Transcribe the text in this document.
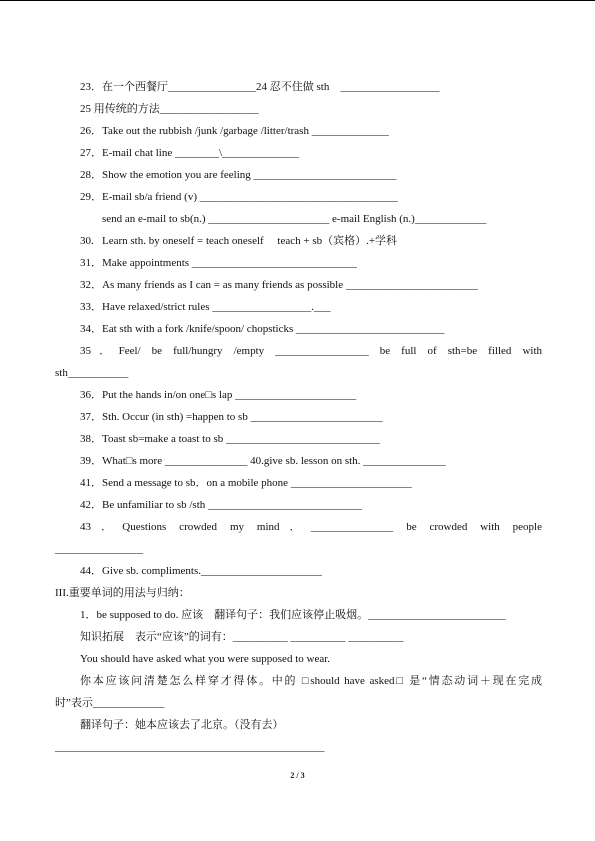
23．在一个西餐厅________________24 忍不住做 sth    __________________
25 用传统的方法__________________
26．Take out the rubbish /junk /garbage /litter/trash ______________
27．E-mail chat line ________\______________
28．Show the emotion you are feeling __________________________
29．E-mail sb/a friend (v) ____________________________________
send an e-mail to sb(n.) ______________________ e-mail English (n.)_____________
30.   Learn sth. by oneself = teach oneself     teach + sb（宾格）.+学科
31．Make appointments ______________________________
32．As many friends as I can = as many friends as possible ________________________
33．Have relaxed/strict rules __________________.___
34．Eat sth with a fork /knife/spoon/ chopsticks ___________________________
35．Feel/ be full/hungry /empty _________________ be full of sth=be filled with
sth___________
36．Put the hands in/on one□s lap ______________________
37．Sth. Occur (in sth) =happen to sb ________________________
38．Toast sb=make a toast to sb ____________________________
39．What□s more _______________ 40.give sb. lesson on sth. _______________
41．Send a message to sb．on a mobile phone ______________________
42．Be unfamiliar to sb /sth ____________________________
43．Questions crowded my mind．_______________ be crowded with people
________________
44．Give sb. compliments.______________________
III.重要单词的用法与归纳：
1．be supposed to do. 应该    翻译句子：我们应该停止吸烟。_________________________
知识拓展    表示“应该”的词有：__________ __________ __________
You should have asked what you were supposed to wear.
你本应该问清楚怎么样穿才得体。中的 □should have asked□ 是“情态动词＋现在完成
时”表示_____________
翻译句子：她本应该去了北京。（没有去）
_________________________________________________
2 / 3
